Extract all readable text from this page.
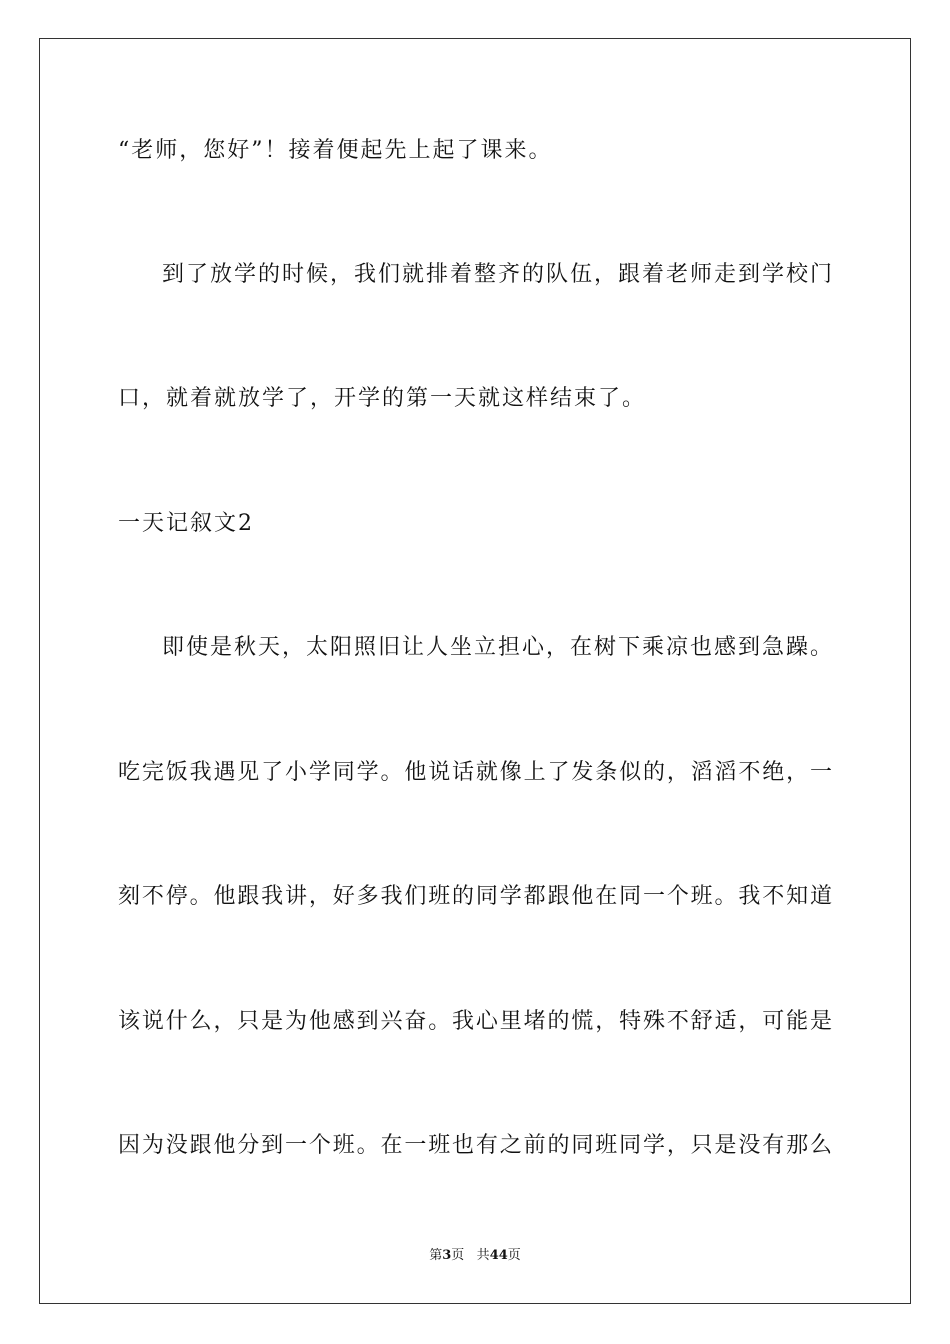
“老师，您好”！接着便起先上起了课来。
到了放学的时候，我们就排着整齐的队伍，跟着老师走到学校门
口，就着就放学了，开学的第一天就这样结束了。
一天记叙文2
即使是秋天，太阳照旧让人坐立担心，在树下乘凉也感到急躁。
吃完饭我遇见了小学同学。他说话就像上了发条似的，滔滔不绝，一
刻不停。他跟我讲，好多我们班的同学都跟他在同一个班。我不知道
该说什么，只是为他感到兴奋。我心里堵的慌，特殊不舒适，可能是
因为没跟他分到一个班。在一班也有之前的同班同学，只是没有那么
第3页 共44页
